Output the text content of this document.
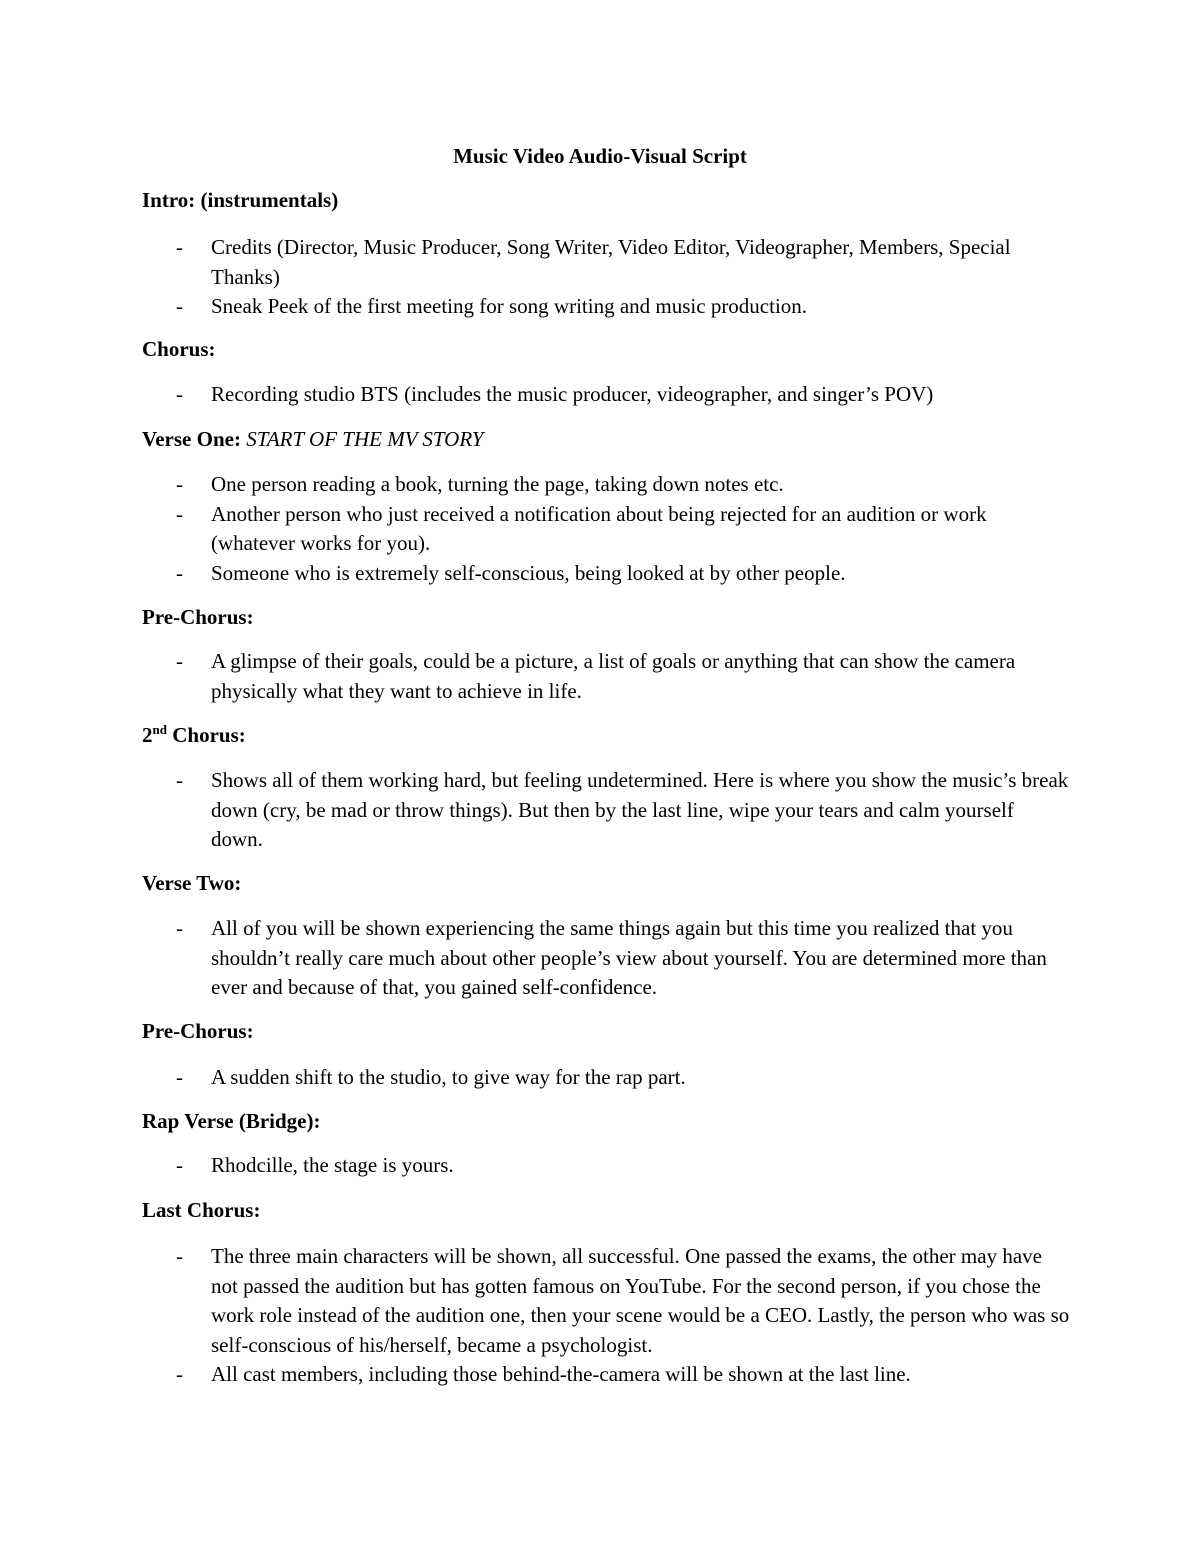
Music Video Audio-Visual Script
Intro: (instrumentals)
- Credits (Director, Music Producer, Song Writer, Video Editor, Videographer, Members, Special Thanks)
- Sneak Peek of the first meeting for song writing and music production.
Chorus:
- Recording studio BTS (includes the music producer, videographer, and singer’s POV)
Verse One: START OF THE MV STORY
- One person reading a book, turning the page, taking down notes etc.
- Another person who just received a notification about being rejected for an audition or work (whatever works for you).
- Someone who is extremely self-conscious, being looked at by other people.
Pre-Chorus:
- A glimpse of their goals, could be a picture, a list of goals or anything that can show the camera physically what they want to achieve in life.
2nd Chorus:
- Shows all of them working hard, but feeling undetermined. Here is where you show the music’s break down (cry, be mad or throw things). But then by the last line, wipe your tears and calm yourself down.
Verse Two:
- All of you will be shown experiencing the same things again but this time you realized that you shouldn’t really care much about other people’s view about yourself. You are determined more than ever and because of that, you gained self-confidence.
Pre-Chorus:
- A sudden shift to the studio, to give way for the rap part.
Rap Verse (Bridge):
- Rhodcille, the stage is yours.
Last Chorus:
- The three main characters will be shown, all successful. One passed the exams, the other may have not passed the audition but has gotten famous on YouTube. For the second person, if you chose the work role instead of the audition one, then your scene would be a CEO. Lastly, the person who was so self-conscious of his/herself, became a psychologist.
- All cast members, including those behind-the-camera will be shown at the last line.
